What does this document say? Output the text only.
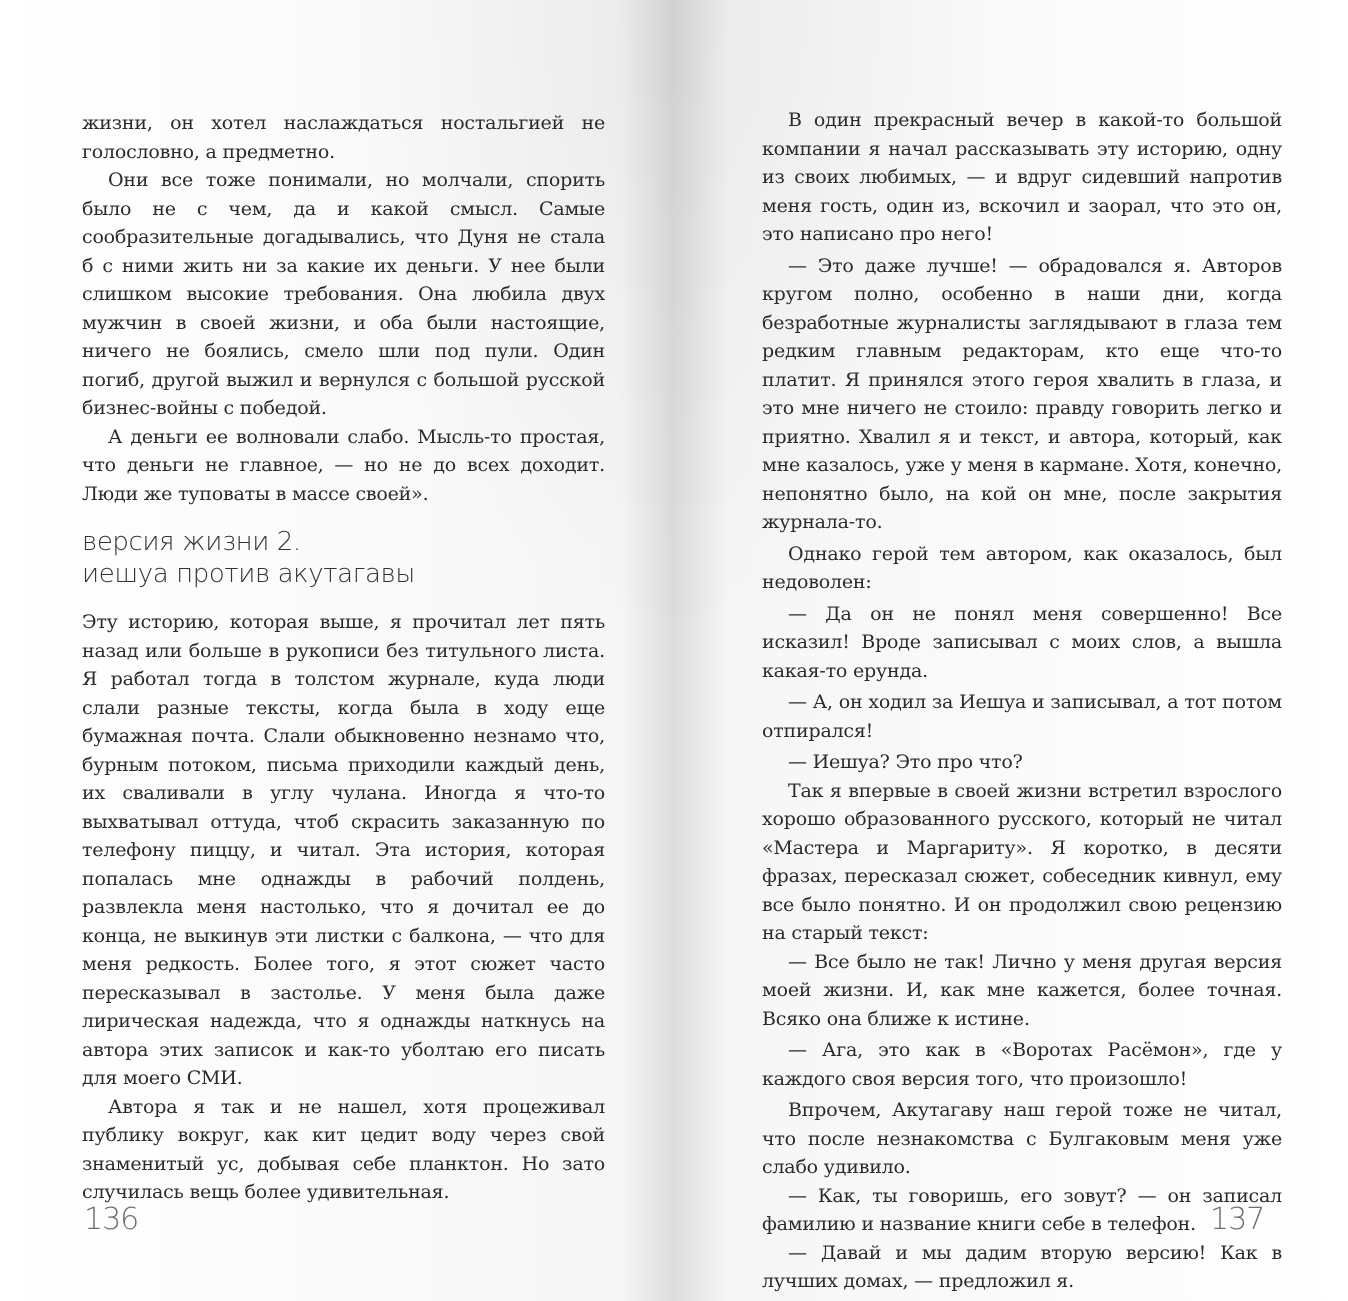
жизни, он хотел наслаждаться ностальгией не голословно, а предметно.

Они все тоже понимали, но молчали, спорить было не с чем, да и какой смысл. Самые сообразительные догадывались, что Дуня не стала б с ними жить ни за какие их деньги. У нее были слишком высокие требования. Она любила двух мужчин в своей жизни, и оба были настоящие, ничего не боялись, смело шли под пули. Один погиб, другой выжил и вернулся с большой русской бизнес-войны с победой.

А деньги ее волновали слабо. Мысль-то простая, что деньги не главное, — но не до всех доходит. Люди же туповаты в массе своей».

версия жизни 2.
иешуа против акутагавы

Эту историю, которая выше, я прочитал лет пять назад или больше в рукописи без титульного листа. Я работал тогда в толстом журнале, куда люди слали разные тексты, когда была в ходу еще бумажная почта. Слали обыкновенно незнамо что, бурным потоком, письма приходили каждый день, их сваливали в углу чулана. Иногда я что-то выхватывал оттуда, чтоб скрасить заказанную по телефону пиццу, и читал. Эта история, которая попалась мне однажды в рабочий полдень, развлекла меня настолько, что я дочитал ее до конца, не выкинув эти листки с балкона, — что для меня редкость. Более того, я этот сюжет часто пересказывал в застолье. У меня была даже лирическая надежда, что я однажды наткнусь на автора этих записок и как-то уболтаю его писать для моего СМИ.

Автора я так и не нашел, хотя процеживал публику вокруг, как кит цедит воду через свой знаменитый ус, добывая себе планктон. Но зато случилась вещь более удивительная.

136

В один прекрасный вечер в какой-то большой компании я начал рассказывать эту историю, одну из своих любимых, — и вдруг сидевший напротив меня гость, один из, вскочил и заорал, что это он, это написано про него!

— Это даже лучше! — обрадовался я. Авторов кругом полно, особенно в наши дни, когда безработные журналисты заглядывают в глаза тем редким главным редакторам, кто еще что-то платит. Я принялся этого героя хвалить в глаза, и это мне ничего не стоило: правду говорить легко и приятно. Хвалил я и текст, и автора, который, как мне казалось, уже у меня в кармане. Хотя, конечно, непонятно было, на кой он мне, после закрытия журнала-то.

Однако герой тем автором, как оказалось, был недоволен:

— Да он не понял меня совершенно! Все исказил! Вроде записывал с моих слов, а вышла какая-то ерунда.

— А, он ходил за Иешуа и записывал, а тот потом отпирался!

— Иешуа? Это про что?

Так я впервые в своей жизни встретил взрослого хорошо образованного русского, который не читал «Мастера и Маргариту». Я коротко, в десяти фразах, пересказал сюжет, собеседник кивнул, ему все было понятно. И он продолжил свою рецензию на старый текст:

— Все было не так! Лично у меня другая версия моей жизни. И, как мне кажется, более точная. Всяко она ближе к истине.

— Ага, это как в «Воротах Расёмон», где у каждого своя версия того, что произошло!

Впрочем, Акутагаву наш герой тоже не читал, что после незнакомства с Булгаковым меня уже слабо удивило.

— Как, ты говоришь, его зовут? — он записал фамилию и название книги себе в телефон.

— Давай и мы дадим вторую версию! Как в лучших домах, — предложил я.

137
